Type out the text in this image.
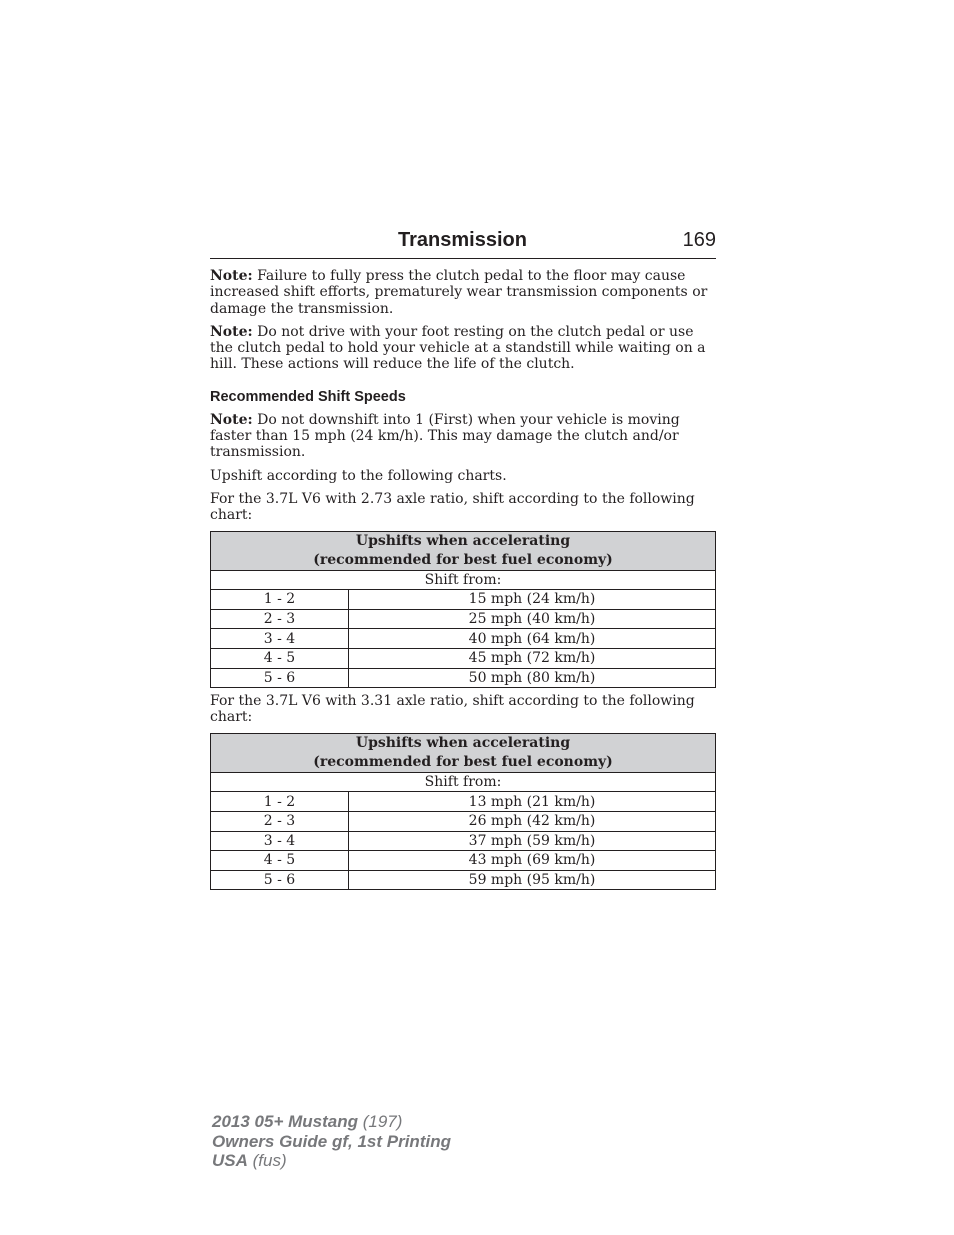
Transmission	169

Note: Failure to fully press the clutch pedal to the floor may cause increased shift efforts, prematurely wear transmission components or damage the transmission.

Note: Do not drive with your foot resting on the clutch pedal or use the clutch pedal to hold your vehicle at a standstill while waiting on a hill. These actions will reduce the life of the clutch.

Recommended Shift Speeds

Note: Do not downshift into 1 (First) when your vehicle is moving faster than 15 mph (24 km/h). This may damage the clutch and/or transmission.

Upshift according to the following charts.

For the 3.7L V6 with 2.73 axle ratio, shift according to the following chart:

Upshifts when accelerating
(recommended for best fuel economy)	

Shift from:	
1 - 2	15 mph (24 km/h)
2 - 3	25 mph (40 km/h)
3 - 4	40 mph (64 km/h)
4 - 5	45 mph (72 km/h)
5 - 6	50 mph (80 km/h)

For the 3.7L V6 with 3.31 axle ratio, shift according to the following chart:

Upshifts when accelerating
(recommended for best fuel economy)	

Shift from:	
1 - 2	13 mph (21 km/h)
2 - 3	26 mph (42 km/h)
3 - 4	37 mph (59 km/h)
4 - 5	43 mph (69 km/h)
5 - 6	59 mph (95 km/h)
2013 05+ Mustang (197)
Owners Guide gf, 1st Printing
USA (fus)
